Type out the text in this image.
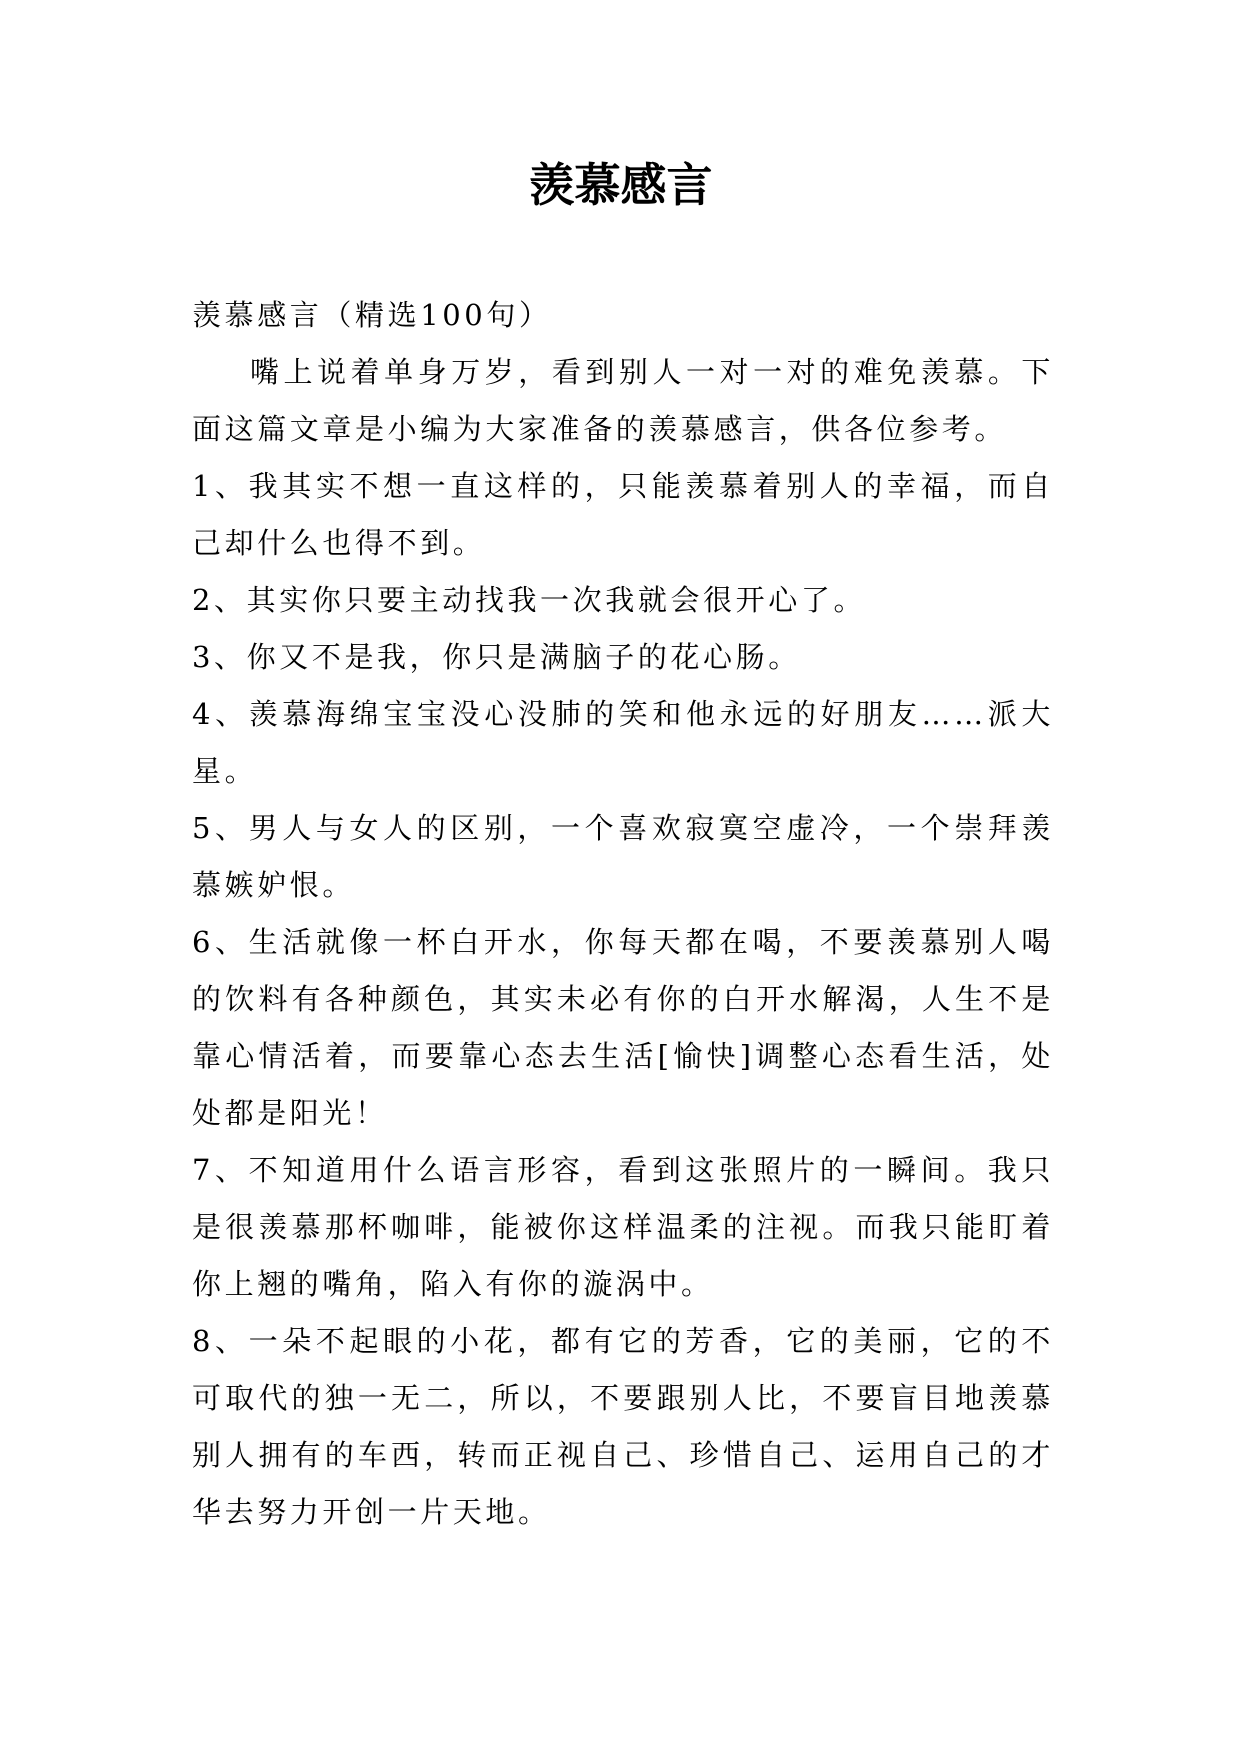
羡慕感言

羡慕感言（精选100句）

嘴上说着单身万岁，看到别人一对一对的难免羡慕。下面这篇文章是小编为大家准备的羡慕感言，供各位参考。

1、我其实不想一直这样的，只能羡慕着别人的幸福，而自己却什么也得不到。

2、其实你只要主动找我一次我就会很开心了。

3、你又不是我，你只是满脑子的花心肠。

4、羡慕海绵宝宝没心没肺的笑和他永远的好朋友……派大星。

5、男人与女人的区别，一个喜欢寂寞空虚冷，一个崇拜羡慕嫉妒恨。

6、生活就像一杯白开水，你每天都在喝，不要羡慕别人喝的饮料有各种颜色，其实未必有你的白开水解渴，人生不是靠心情活着，而要靠心态去生活[愉快]调整心态看生活，处处都是阳光！

7、不知道用什么语言形容，看到这张照片的一瞬间。我只是很羡慕那杯咖啡，能被你这样温柔的注视。而我只能盯着你上翘的嘴角，陷入有你的漩涡中。

8、一朵不起眼的小花，都有它的芳香，它的美丽，它的不可取代的独一无二，所以，不要跟别人比，不要盲目地羡慕别人拥有的车西，转而正视自己、珍惜自己、运用自己的才华去努力开创一片天地。
